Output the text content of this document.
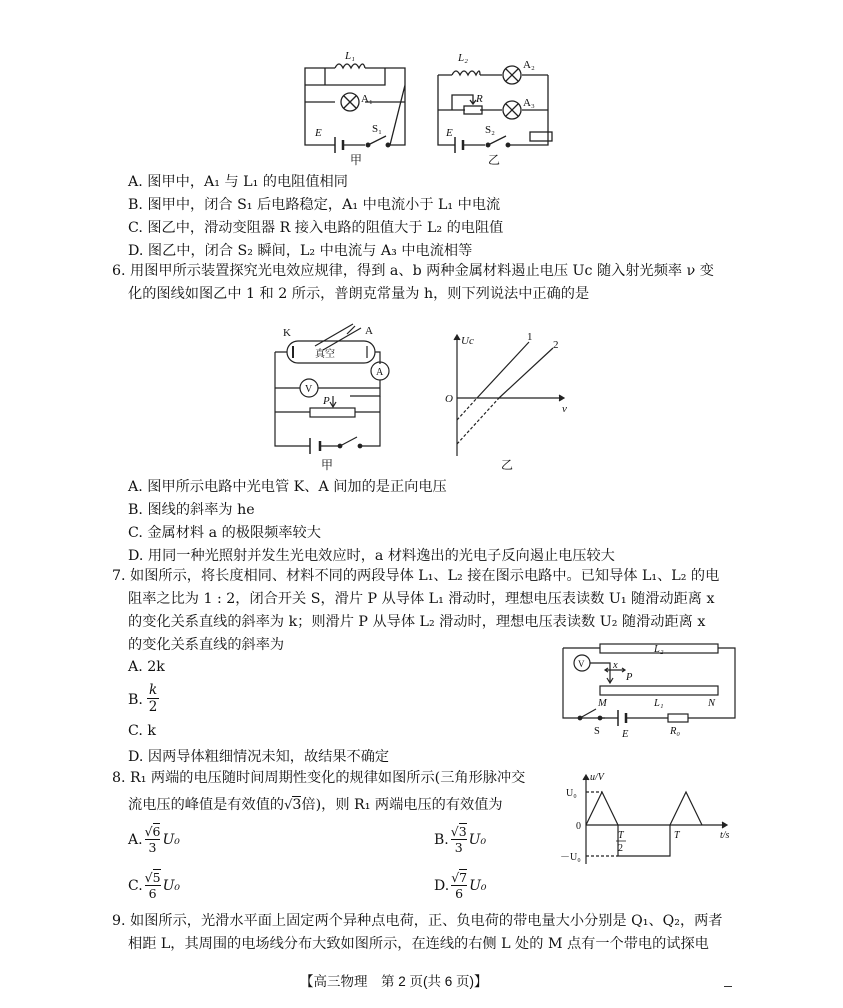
L₁
A₁
E	S₁
L₂
A₂
A₃
R
E	S₂
甲	乙
A. 图甲中，A₁ 与 L₁ 的电阻值相同
B. 图甲中，闭合 S₁ 后电路稳定，A₁ 中电流小于 L₁ 中电流
C. 图乙中，滑动变阻器 R 接入电路的阻值大于 L₂ 的电阻值
D. 图乙中，闭合 S₂ 瞬间，L₂ 中电流与 A₃ 中电流相等
6. 用图甲所示装置探究光电效应规律，得到 a、b 两种金属材料遏止电压 Uc 随入射光频率 ν 变
化的图线如图乙中 1 和 2 所示，普朗克常量为 h，则下列说法中正确的是
K	A
真空
A
V
P
甲
Uc
ν
O
1
2
乙
A. 图甲所示电路中光电管 K、A 间加的是正向电压
B. 图线的斜率为 he
C. 金属材料 a 的极限频率较大
D. 用同一种光照射并发生光电效应时，a 材料逸出的光电子反向遏止电压较大
7. 如图所示，将长度相同、材料不同的两段导体 L₁、L₂ 接在图示电路中。已知导体 L₁、L₂ 的电
阻率之比为 1 : 2，闭合开关 S，滑片 P 从导体 L₁ 滑动时，理想电压表读数 U₁ 随滑动距离 x
的变化关系直线的斜率为 k；则滑片 P 从导体 L₂ 滑动时，理想电压表读数 U₂ 随滑动距离 x
的变化关系直线的斜率为
V
L₂
L₁
x
P
M	N
S E	R₀
A. 2k
B.
k
2
C. k
D. 因两导体粗细情况未知，故结果不确定
8. R₁ 两端的电压随时间周期性变化的规律如图所示(三角形脉冲交
流电压的峰值是有效值的√3倍)，则 R₁ 两端电压的有效值为
u/V
U₀
－U₀
0
T
2
T	t/s
A. √6
3 U₀	B. √3
3 U₀
C. √5
6 U₀	D. √7
6 U₀
9. 如图所示，光滑水平面上固定两个异种点电荷，正、负电荷的带电量大小分别是 Q₁、Q₂，两者
相距 L，其周围的电场线分布大致如图所示，在连线的右侧 L 处的 M 点有一个带电的试探电
【高三物理　第 2 页(共 6 页)】
